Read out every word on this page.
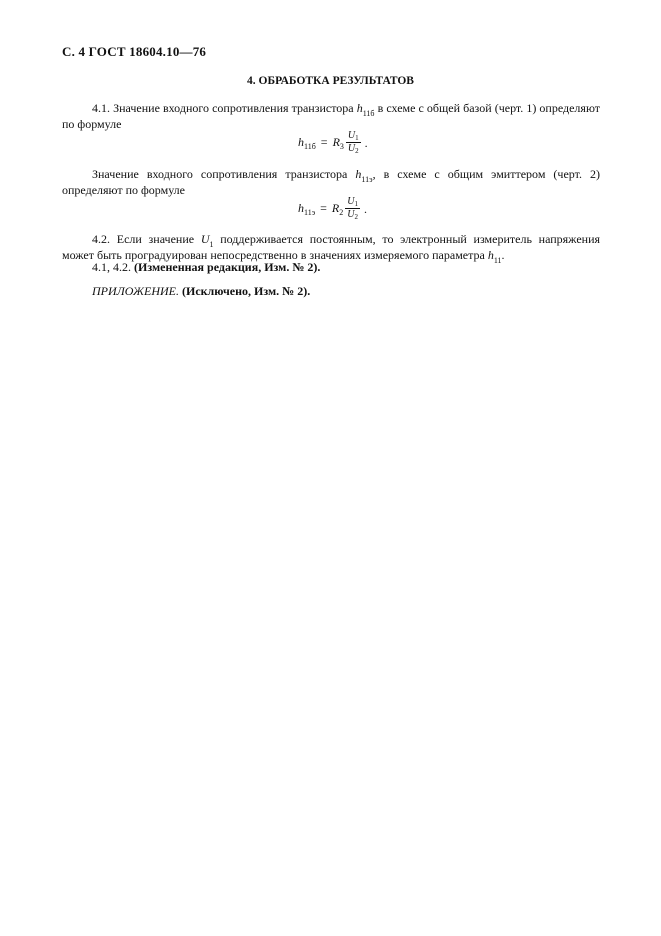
С. 4 ГОСТ 18604.10—76
4. ОБРАБОТКА РЕЗУЛЬТАТОВ
4.1. Значение входного сопротивления транзистора $h_{11б}$ в схеме с общей базой (черт. 1) определяют по формуле
h 11б = R $3 \frac{U_1}{U_2}$ .
Значение входного сопротивления транзистора $h_{11э}$, в схеме с общим эмиттером (черт. 2) определяют по формуле
h 11э = R $2 \frac{U_1}{U_2}$ .
4.2. Если значение $U_1$ поддерживается постоянным, то электронный измеритель напряжения может быть проградуирован непосредственно в значениях измеряемого параметра $h_{11}$.
4.1, 4.2. (Измененная редакция, Изм. № 2).
ПРИЛОЖЕНИЕ. (Исключено, Изм. № 2).
